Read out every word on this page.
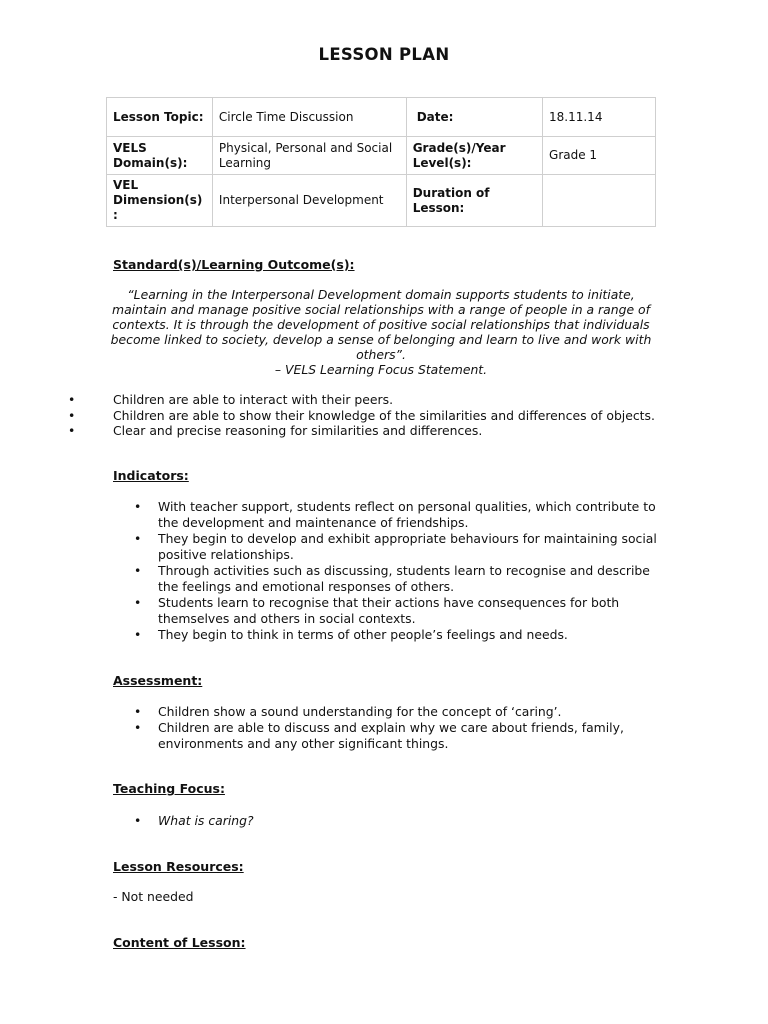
LESSON PLAN
Lesson Topic:	Circle Time Discussion	Date:	18.11.14
VELS Domain(s):	Physical, Personal and Social Learning	Grade(s)/Year Level(s):	Grade 1
VEL Dimension(s) :	Interpersonal Development	Duration of Lesson:	
Standard(s)/Learning Outcome(s):
“Learning in the Interpersonal Development domain supports students to initiate, maintain and manage positive social relationships with a range of people in a range of contexts. It is through the development of positive social relationships that individuals become linked to society, develop a sense of belonging and learn to live and work with others”.
– VELS Learning Focus Statement.
•	Children are able to interact with their peers.
•	Children are able to show their knowledge of the similarities and differences of objects.
•	Clear and precise reasoning for similarities and differences.
Indicators:
• With teacher support, students reflect on personal qualities, which contribute to the development and maintenance of friendships.
• They begin to develop and exhibit appropriate behaviours for maintaining social positive relationships.
• Through activities such as discussing, students learn to recognise and describe the feelings and emotional responses of others.
• Students learn to recognise that their actions have consequences for both themselves and others in social contexts.
• They begin to think in terms of other people’s feelings and needs.
Assessment:
• Children show a sound understanding for the concept of ‘caring’.
• Children are able to discuss and explain why we care about friends, family, environments and any other significant things.
Teaching Focus:
• What is caring?
Lesson Resources:
- Not needed
Content of Lesson:
